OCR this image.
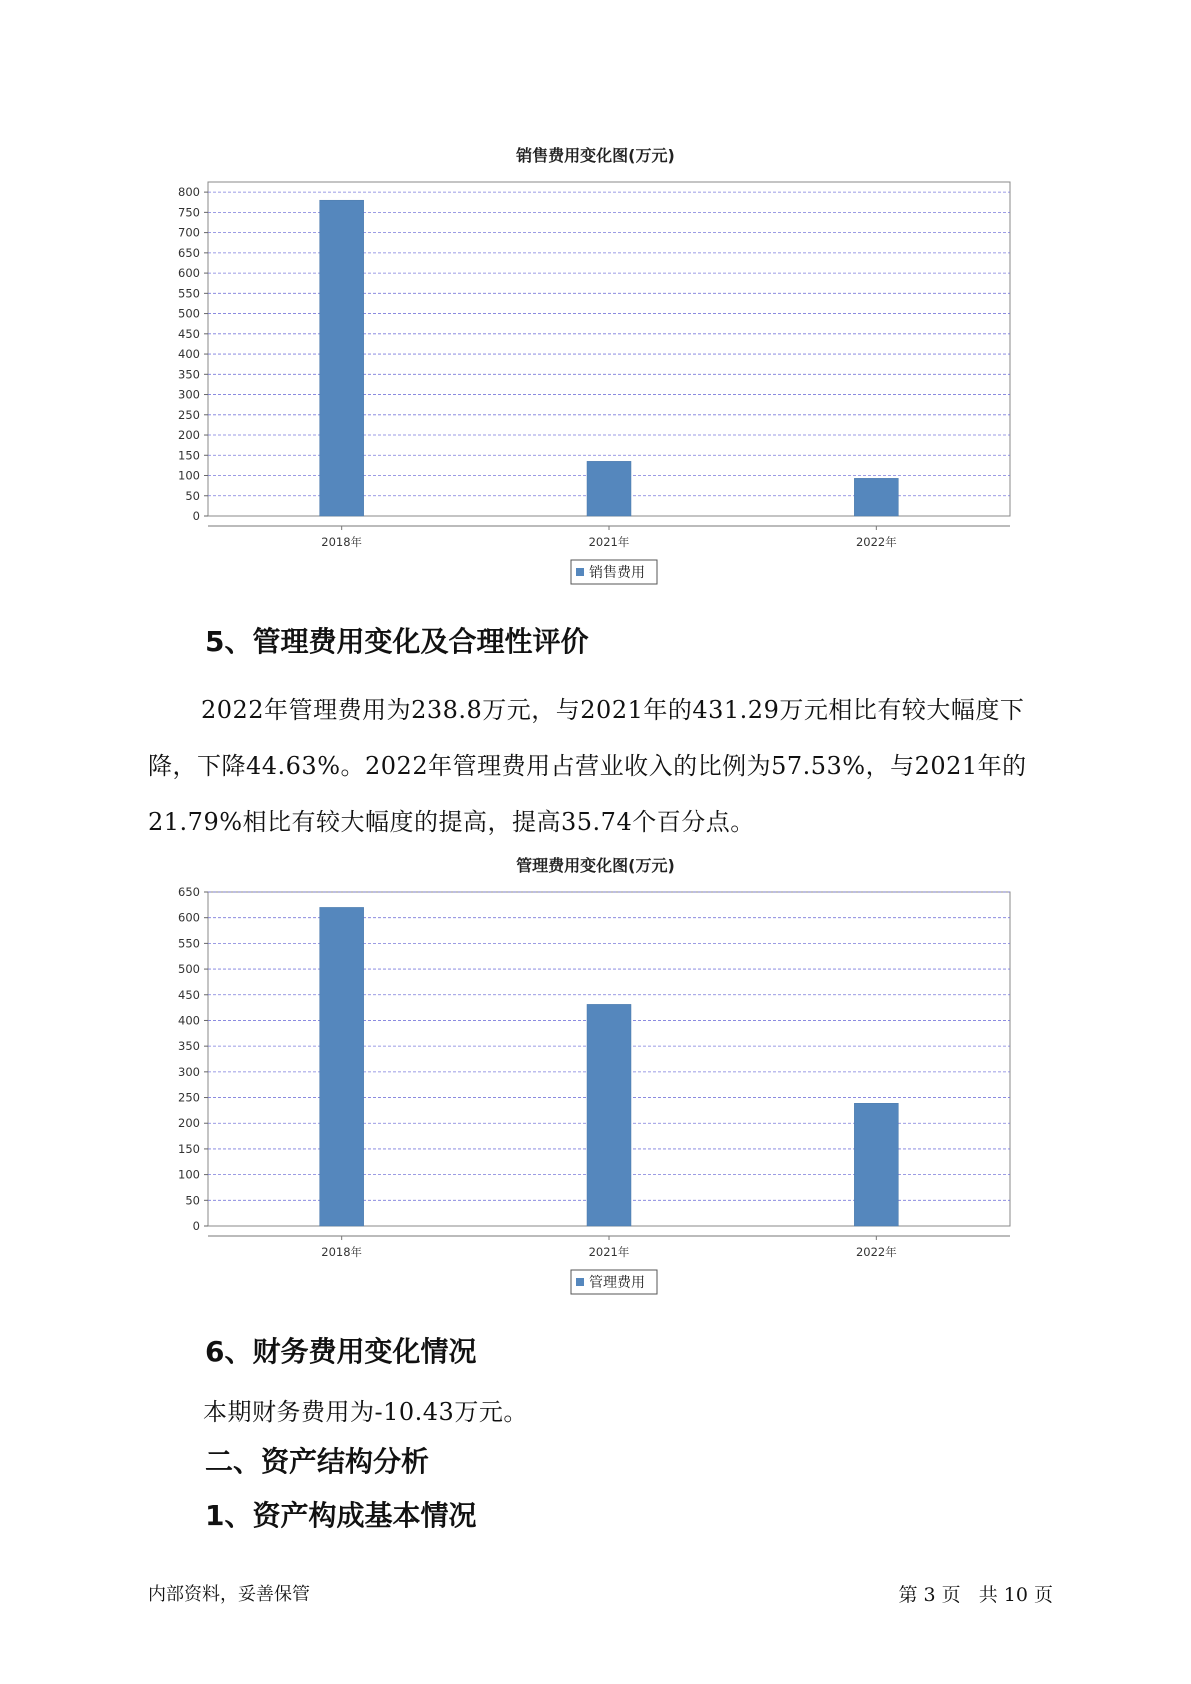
销售费用变化图(万元)
0
50
100
150
200
250
300
350
400
450
500
550
600
650
700
750
800
2018年	2021年	2022年
销售费用
5、管理费用变化及合理性评价
2022年管理费用为238.8万元，与2021年的431.29万元相比有较大幅度下降，下降44.63%。2022年管理费用占营业收入的比例为57.53%，与2021年的21.79%相比有较大幅度的提高，提高35.74个百分点。
管理费用变化图(万元)
0
50
100
150
200
250
300
350
400
450
500
550
600
650
2018年	2021年	2022年
管理费用
6、财务费用变化情况
本期财务费用为-10.43万元。
二、资产结构分析
1、资产构成基本情况
内部资料，妥善保管	第 3 页   共 10 页
